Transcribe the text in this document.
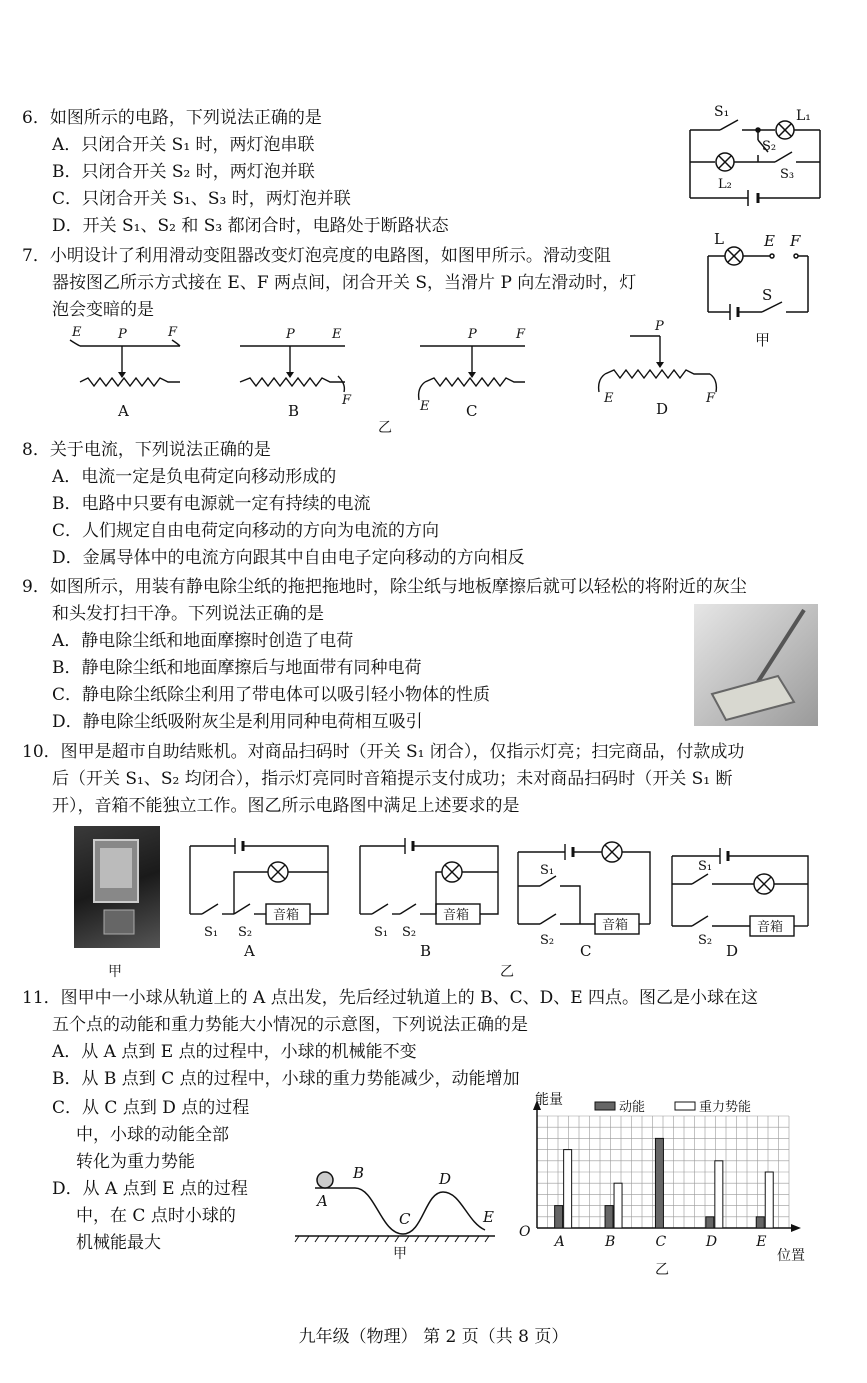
6．如图所示的电路，下列说法正确的是
A．只闭合开关 S₁ 时，两灯泡串联
B．只闭合开关 S₂ 时，两灯泡并联
C．只闭合开关 S₁、S₃ 时，两灯泡并联
D．开关 S₁、S₂ 和 S₃ 都闭合时，电路处于断路状态
S₁	L₁
S₂
L₂
S₃
7．小明设计了利用滑动变阻器改变灯泡亮度的电路图，如图甲所示。滑动变阻
器按图乙所示方式接在 E、F 两点间，闭合开关 S，当滑片 P 向左滑动时，灯
泡会变暗的是
L	E F
S
甲
E	P	F
A
P	E
F
B
P	F
E C
P
E	F
D
乙
8．关于电流，下列说法正确的是
A．电流一定是负电荷定向移动形成的
B．电路中只要有电源就一定有持续的电流
C．人们规定自由电荷定向移动的方向为电流的方向
D．金属导体中的电流方向跟其中自由电子定向移动的方向相反
9．如图所示，用装有静电除尘纸的拖把拖地时，除尘纸与地板摩擦后就可以轻松的将附近的灰尘
和头发打扫干净。下列说法正确的是
A．静电除尘纸和地面摩擦时创造了电荷
B．静电除尘纸和地面摩擦后与地面带有同种电荷
C．静电除尘纸除尘利用了带电体可以吸引轻小物体的性质
D．静电除尘纸吸附灰尘是利用同种电荷相互吸引
10．图甲是超市自助结账机。对商品扫码时（开关 S₁ 闭合），仅指示灯亮；扫完商品，付款成功
后（开关 S₁、S₂ 均闭合），指示灯亮同时音箱提示支付成功；未对商品扫码时（开关 S₁ 断
开），音箱不能独立工作。图乙所示电路图中满足上述要求的是
甲
音箱
S₁ S₂
A
音箱
S₁ S₂
B
音箱
S₁
S₂
C
音箱
S₁
S₂
D
乙
11．图甲中一小球从轨道上的 A 点出发，先后经过轨道上的 B、C、D、E 四点。图乙是小球在这
五个点的动能和重力势能大小情况的示意图，下列说法正确的是
A．从 A 点到 E 点的过程中，小球的机械能不变
B．从 B 点到 C 点的过程中，小球的重力势能减少，动能增加
C．从 C 点到 D 点的过程
中，小球的动能全部
转化为重力势能
D．从 A 点到 E 点的过程
中，在 C 点时小球的
机械能最大
A
B
C
D
E
甲
能量
O
位置
乙
动能	重力势能
A	B	C	D	E
九年级（物理） 第 2 页（共 8 页）
